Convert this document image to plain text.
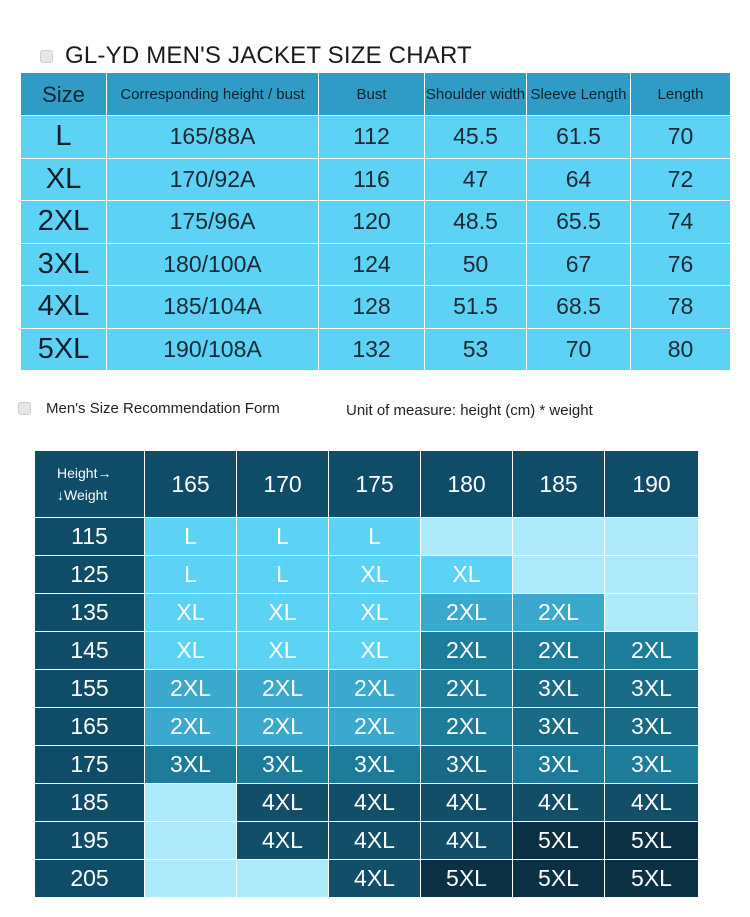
GL-YD MEN'S JACKET SIZE CHART
Size	Corresponding height / bust	Bust	Shoulder width	Sleeve Length	Length
L	165/88A	112	45.5	61.5	70
XL	170/92A	116	47	64	72
2XL	175/96A	120	48.5	65.5	74
3XL	180/100A	124	50	67	76
4XL	185/104A	128	51.5	68.5	78
5XL	190/108A	132	53	70	80
Men's Size Recommendation Form	Unit of measure: height (cm) * weight
Height→
↓Weight	165	170	175	180	185	190
115	L	L	L			
125	L	L	XL	XL		
135	XL	XL	XL	2XL	2XL	
145	XL	XL	XL	2XL	2XL	2XL
155	2XL	2XL	2XL	2XL	3XL	3XL
165	2XL	2XL	2XL	2XL	3XL	3XL
175	3XL	3XL	3XL	3XL	3XL	3XL
185		4XL	4XL	4XL	4XL	4XL
195		4XL	4XL	4XL	5XL	5XL
205			4XL	5XL	5XL	5XL
